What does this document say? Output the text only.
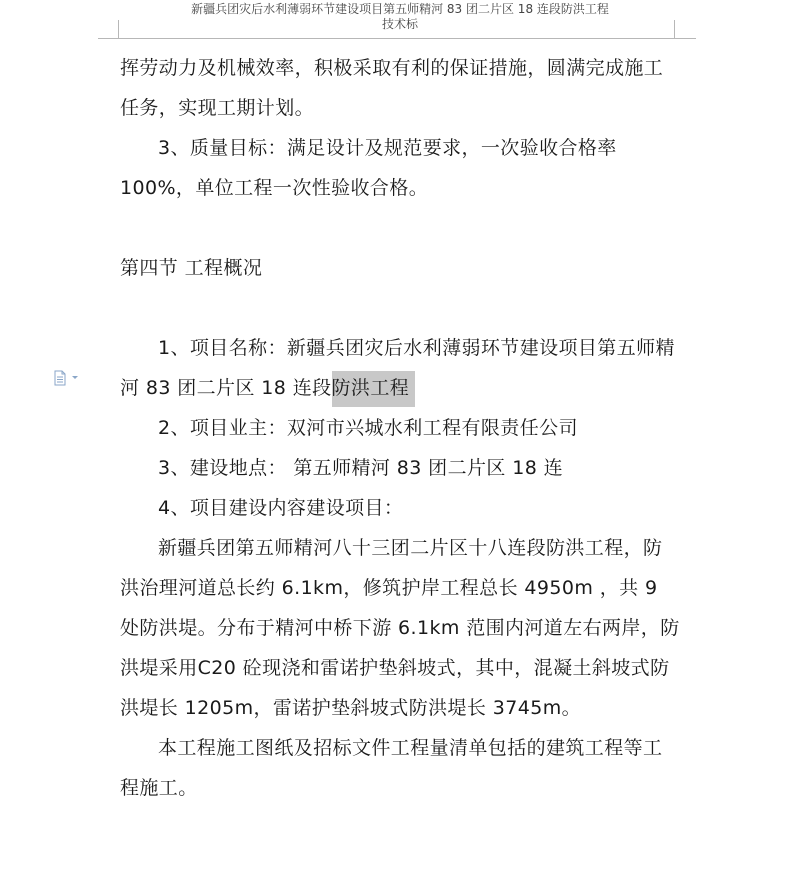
新疆兵团灾后水利薄弱环节建设项目第五师精河 83 团二片区 18 连段防洪工程
技术标

挥劳动力及机械效率，积极采取有利的保证措施，圆满完成施工任务，实现工期计划。

3、质量目标：满足设计及规范要求，一次验收合格率 100%，单位工程一次性验收合格。

第四节 工程概况

1、项目名称：新疆兵团灾后水利薄弱环节建设项目第五师精河 83 团二片区 18 连段防洪工程

2、项目业主：双河市兴城水利工程有限责任公司

3、建设地点： 第五师精河 83 团二片区 18 连

4、项目建设内容建设项目：

新疆兵团第五师精河八十三团二片区十八连段防洪工程，防洪治理河道总长约 6.1km，修筑护岸工程总长 4950m ，共 9 处防洪堤。分布于精河中桥下游 6.1km 范围内河道左右两岸，防洪堤采用C20 砼现浇和雷诺护垫斜坡式，其中，混凝土斜坡式防洪堤长 1205m，雷诺护垫斜坡式防洪堤长 3745m。

本工程施工图纸及招标文件工程量清单包括的建筑工程等工程施工。
